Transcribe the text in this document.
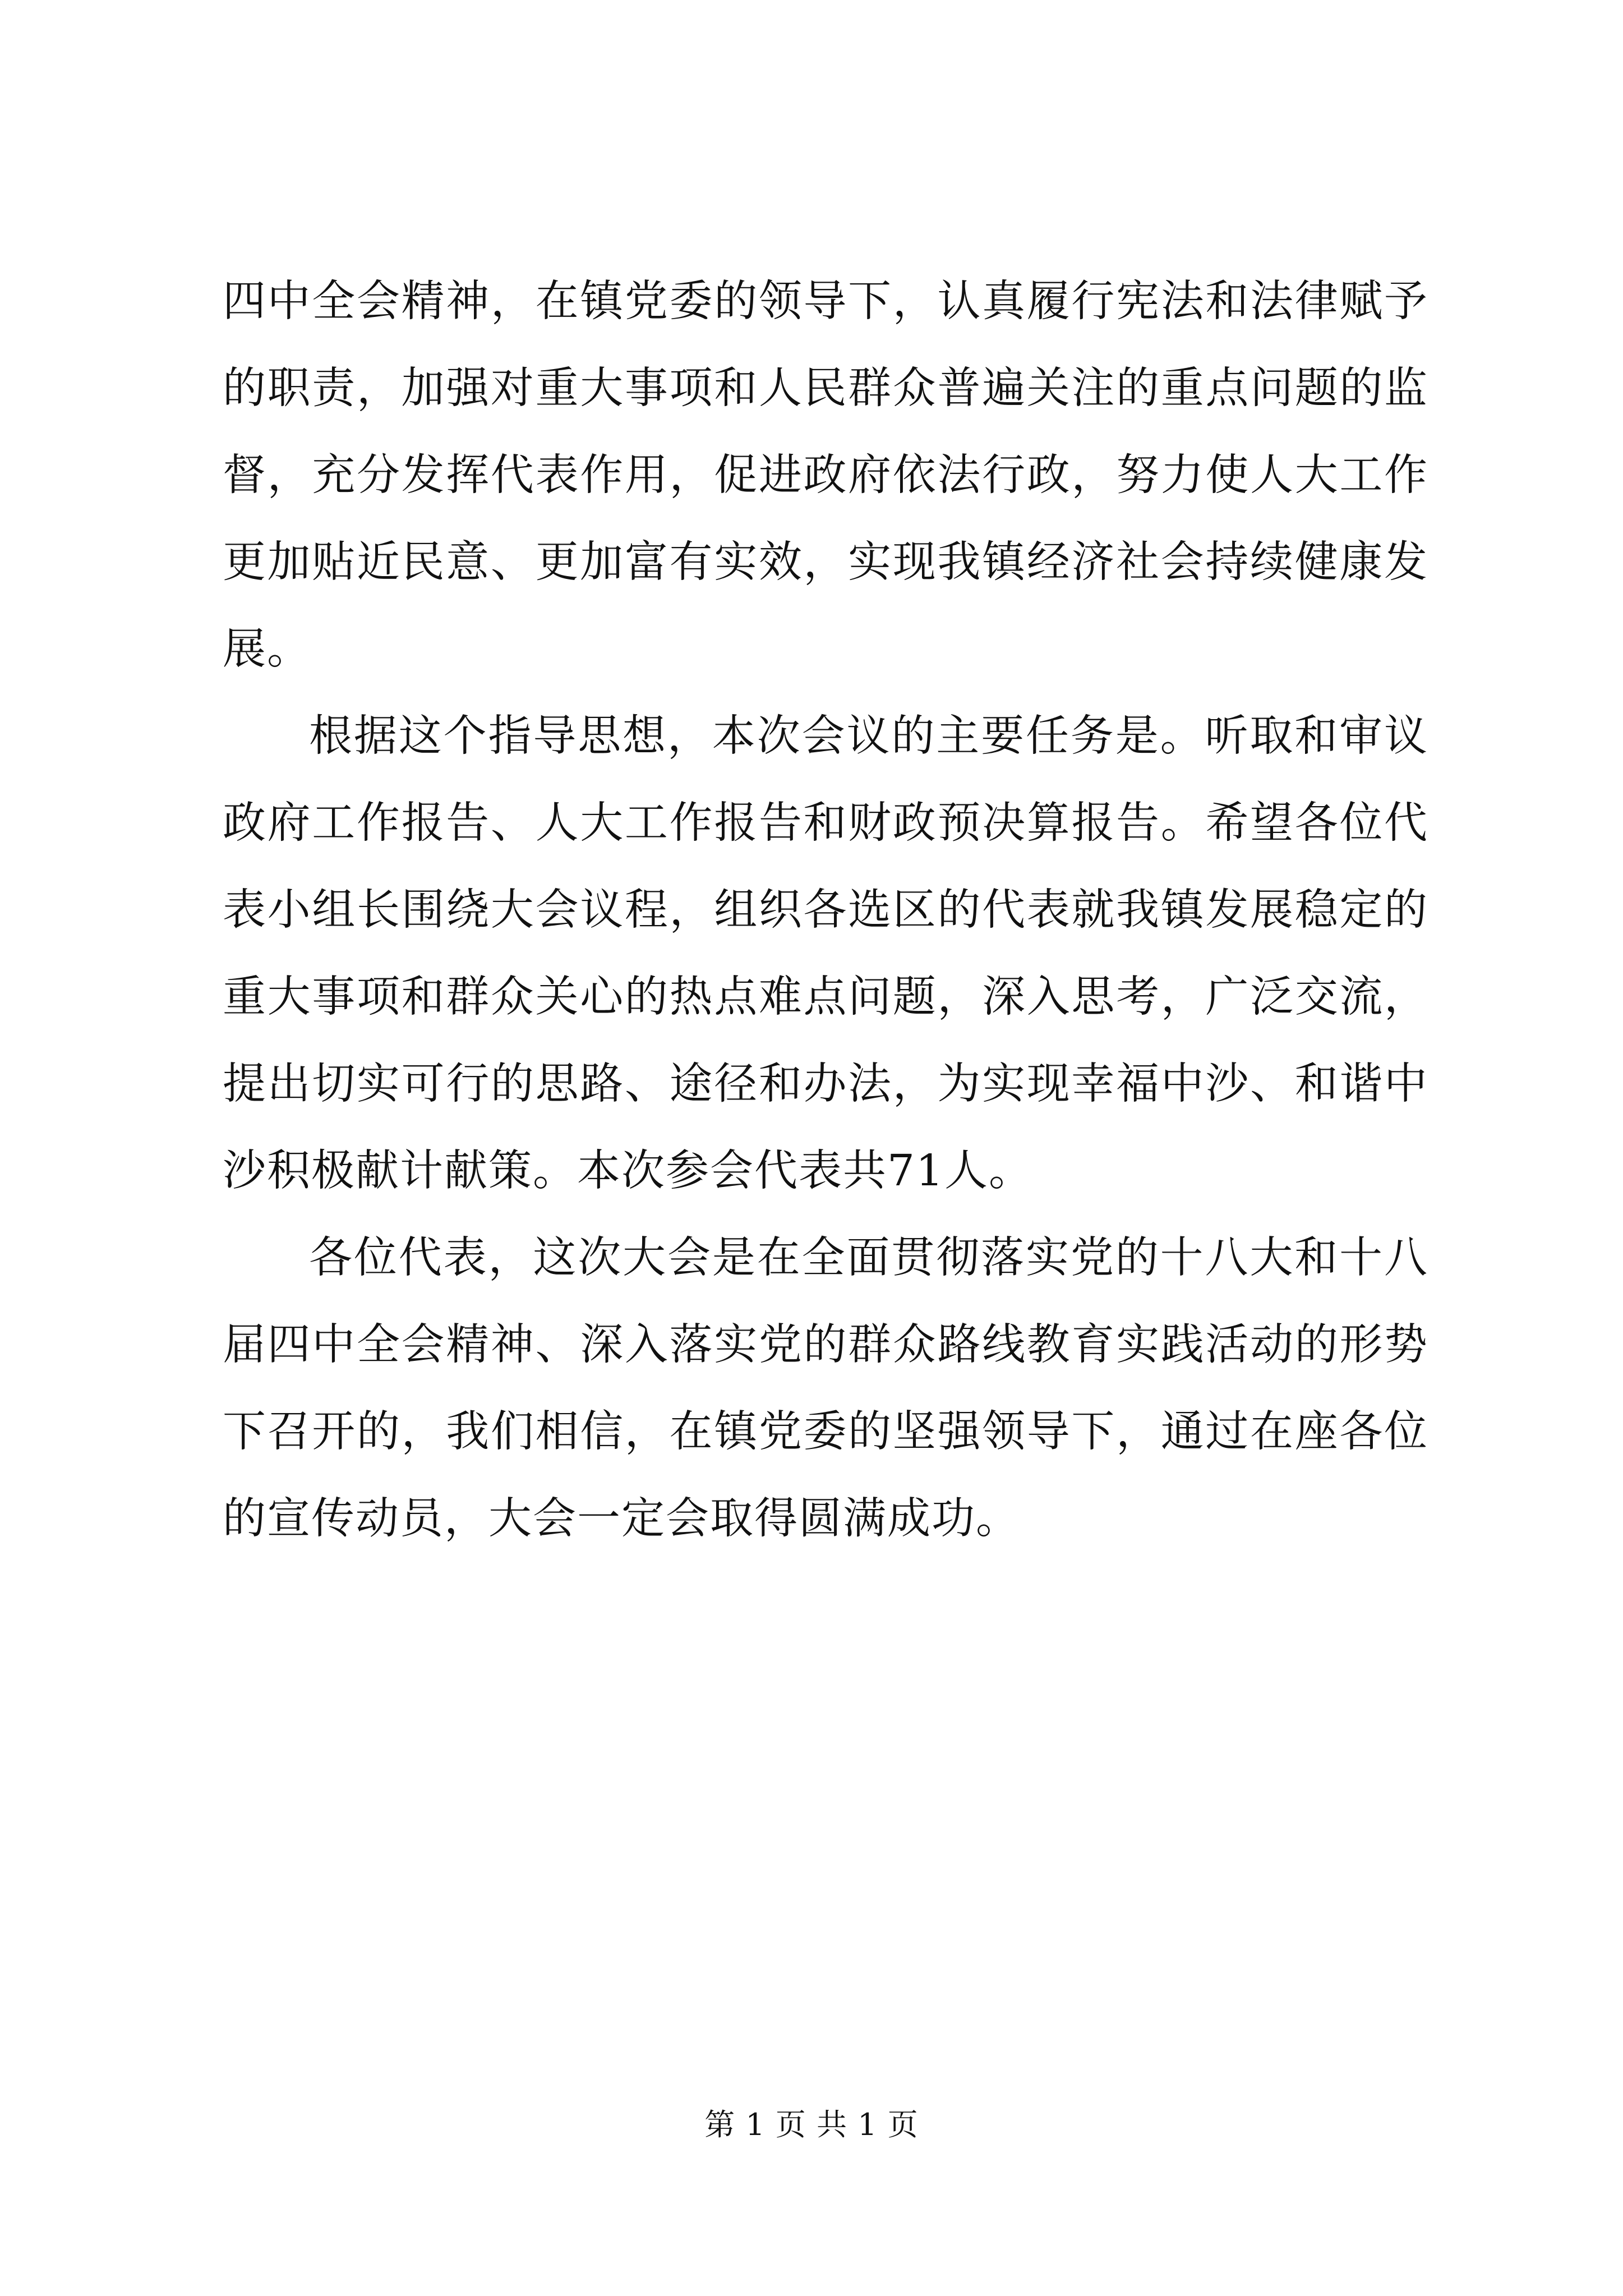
四中全会精神，在镇党委的领导下，认真履行宪法和法律赋予的职责，加强对重大事项和人民群众普遍关注的重点问题的监督，充分发挥代表作用，促进政府依法行政，努力使人大工作更加贴近民意、更加富有实效，实现我镇经济社会持续健康发展。

根据这个指导思想，本次会议的主要任务是。听取和审议政府工作报告、人大工作报告和财政预决算报告。希望各位代表小组长围绕大会议程，组织各选区的代表就我镇发展稳定的重大事项和群众关心的热点难点问题，深入思考，广泛交流，提出切实可行的思路、途径和办法，为实现幸福中沙、和谐中沙积极献计献策。本次参会代表共71人。

各位代表，这次大会是在全面贯彻落实党的十八大和十八届四中全会精神、深入落实党的群众路线教育实践活动的形势下召开的，我们相信，在镇党委的坚强领导下，通过在座各位的宣传动员，大会一定会取得圆满成功。

第 1 页 共 1 页
